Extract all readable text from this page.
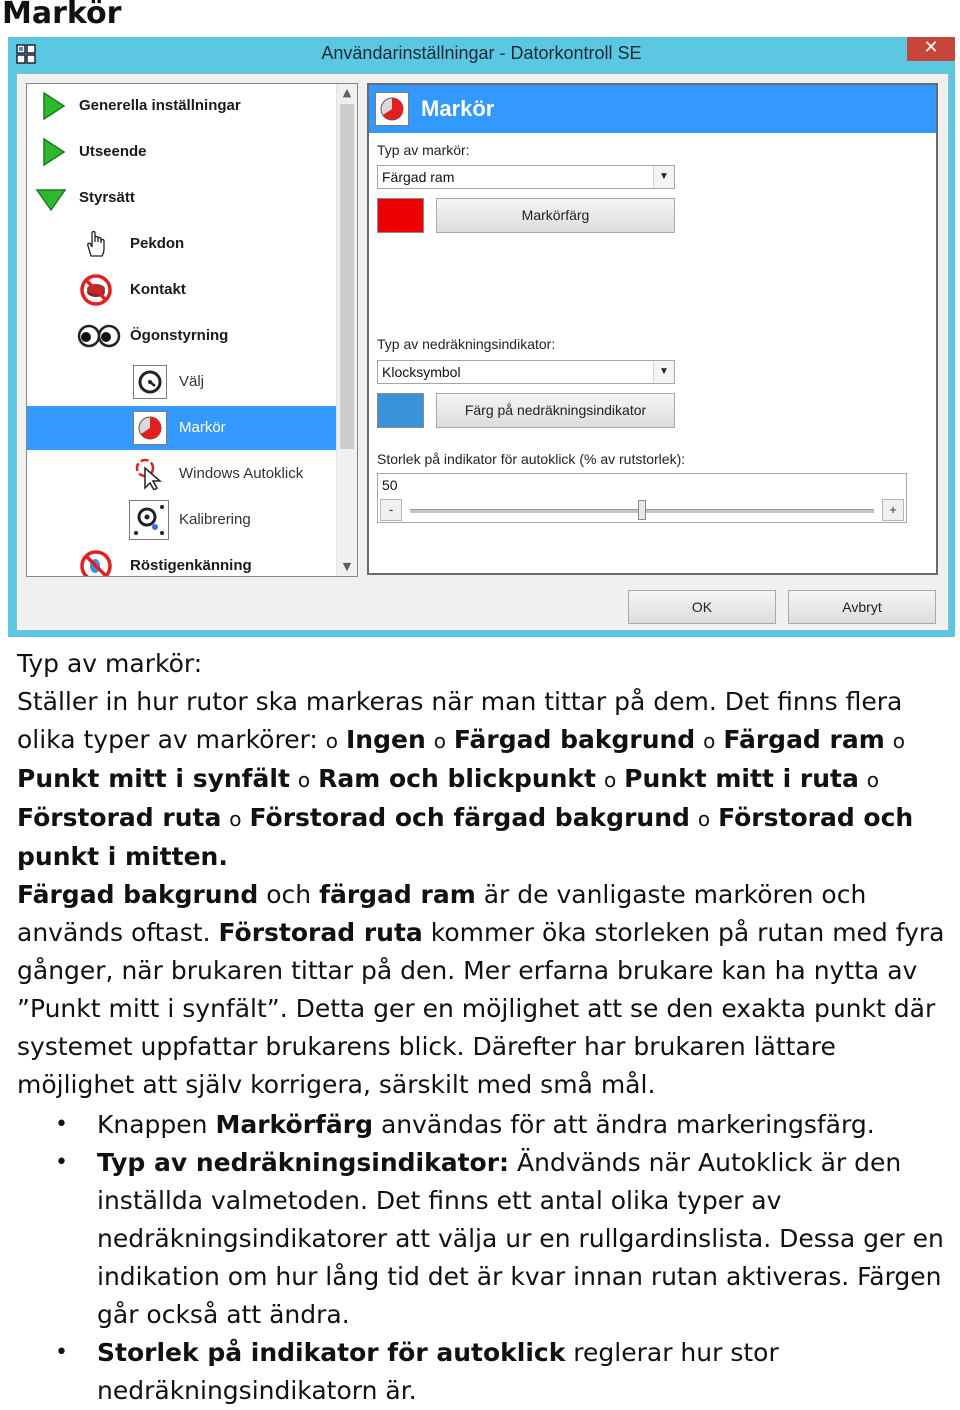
Markör
Användarinställningar - Datorkontroll SE	✕
Generella inställningar
Utseende
Styrsätt
Pekdon
Kontakt
Ögonstyrning
Välj
Markör
Windows Autoklick
Kalibrering
Röstigenkänning
▲
▼
Markör
Typ av markör:
Färgad ram	▼
Markörfärg
Typ av nedräkningsindikator:
Klocksymbol	▼
Färg på nedräkningsindikator
Storlek på indikator för autoklick (% av rutstorlek):
50
-	+
OK	Avbryt

Typ av markör:

Ställer in hur rutor ska markeras när man tittar på dem. Det finns flera olika typer av markörer: o Ingen o Färgad bakgrund o Färgad ram o Punkt mitt i synfält o Ram och blickpunkt o Punkt mitt i ruta o Förstorad ruta o Förstorad och färgad bakgrund o Förstorad och punkt i mitten.

Färgad bakgrund och färgad ram är de vanligaste markören och används oftast. Förstorad ruta kommer öka storleken på rutan med fyra gånger, när brukaren tittar på den. Mer erfarna brukare kan ha nytta av ”Punkt mitt i synfält”. Detta ger en möjlighet att se den exakta punkt där systemet uppfattar brukarens blick. Därefter har brukaren lättare möjlighet att själv korrigera, särskilt med små mål.

• Knappen Markörfärg användas för att ändra markeringsfärg.
• Typ av nedräkningsindikator: Ändvänds när Autoklick är den inställda valmetoden. Det finns ett antal olika typer av nedräkningsindikatorer att välja ur en rullgardinslista. Dessa ger en indikation om hur lång tid det är kvar innan rutan aktiveras. Färgen går också att ändra.
• Storlek på indikator för autoklick reglerar hur stor nedräkningsindikatorn är.
